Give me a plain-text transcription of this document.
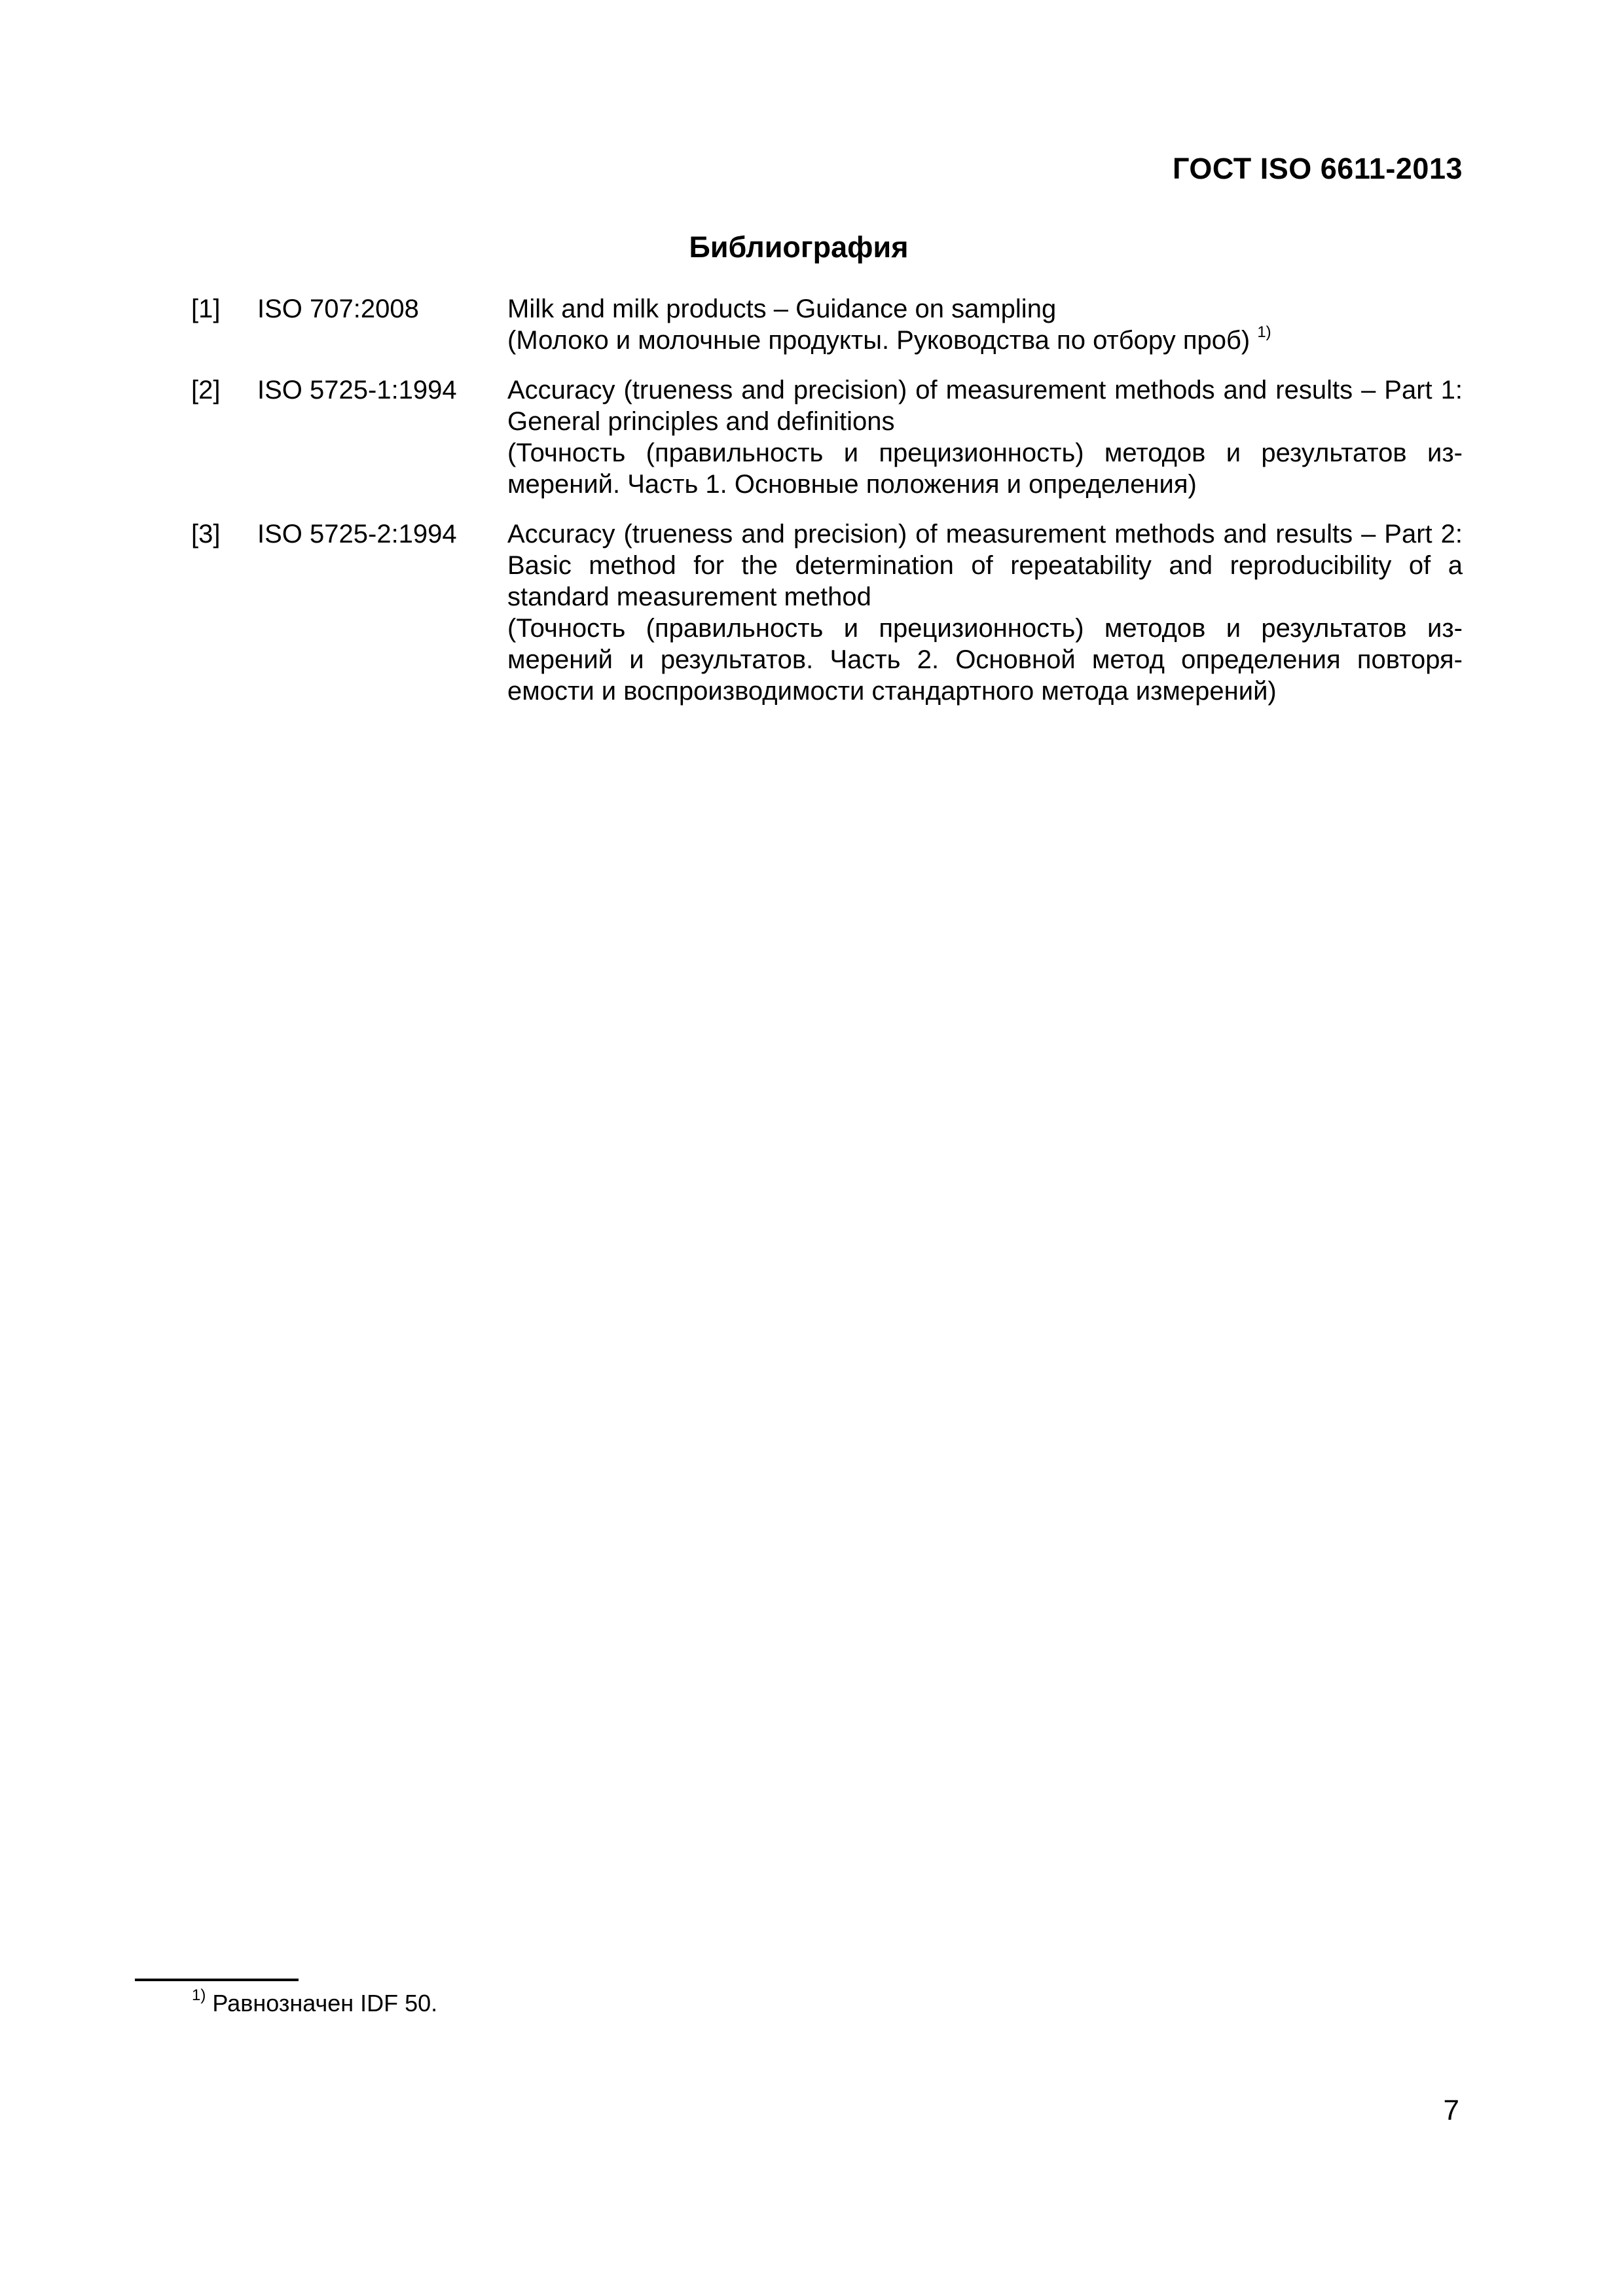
ГОСТ ISO 6611-2013
Библиография
[1]	ISO 707:2008	Milk and milk products – Guidance on sampling

(Молоко и молочные продукты. Руководства по отбору проб) $^{1)}$

[2]	ISO 5725-1:1994	Accuracy (trueness and precision) of measurement methods and results – Part 1: General principles and definitions

(Точность (правильность и прецизионность) методов и результатов из-мерений. Часть 1. Основные положения и определения)

[3]	ISO 5725-2:1994	Accuracy (trueness and precision) of measurement methods and results – Part 2: Basic method for the determination of repeatability and reproducibility of a standard measurement method

(Точность (правильность и прецизионность) методов и результатов из-мерений и результатов. Часть 2. Основной метод определения повторя-емости и воспроизводимости стандартного метода измерений)

$^{1)}$ Равнозначен IDF 50.
7
